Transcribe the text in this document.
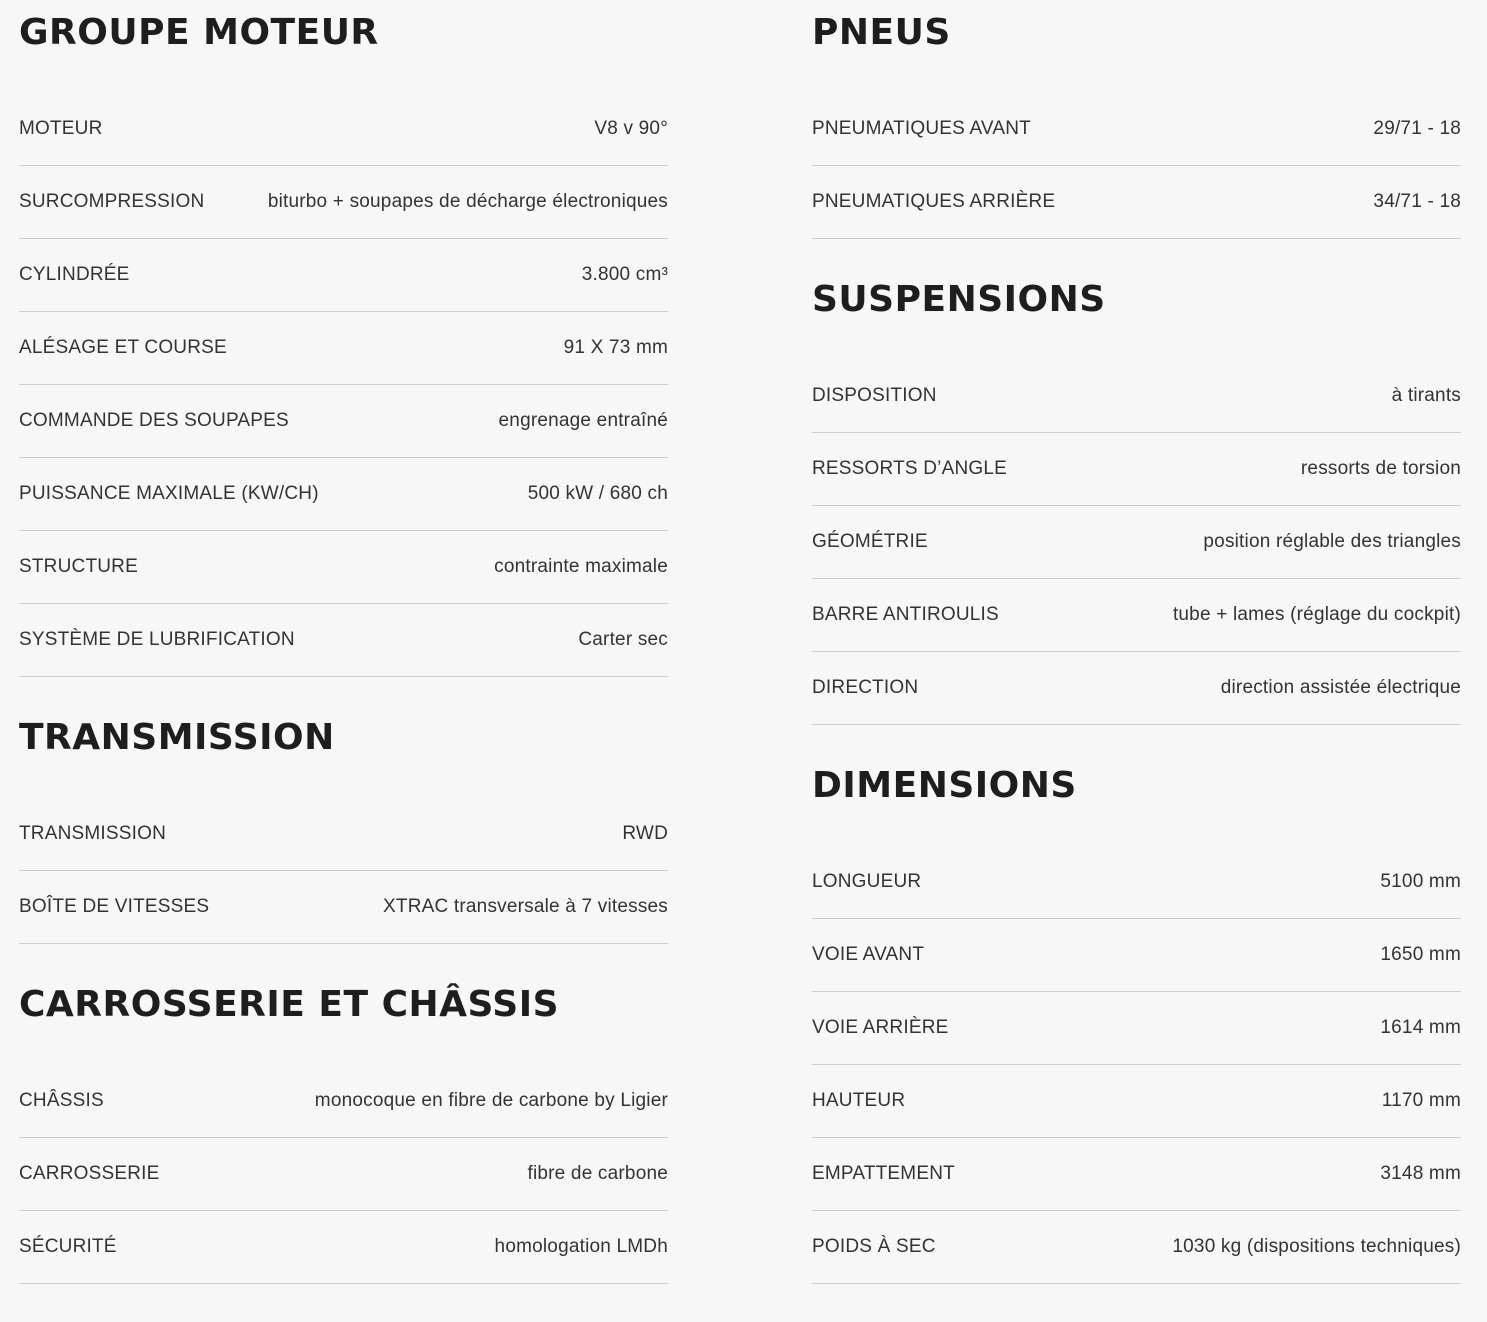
GROUPE MOTEUR
MOTEUR	V8 v 90°
SURCOMPRESSION	biturbo + soupapes de décharge électroniques
CYLINDRÉE	3.800 cm³
ALÉSAGE ET COURSE	91 X 73 mm
COMMANDE DES SOUPAPES	engrenage entraîné
PUISSANCE MAXIMALE (KW/CH)	500 kW / 680 ch
STRUCTURE	contrainte maximale
SYSTÈME DE LUBRIFICATION	Carter sec
TRANSMISSION
TRANSMISSION	RWD
BOÎTE DE VITESSES	XTRAC transversale à 7 vitesses
CARROSSERIE ET CHÂSSIS
CHÂSSIS	monocoque en fibre de carbone by Ligier
CARROSSERIE	fibre de carbone
SÉCURITÉ	homologation LMDh
PNEUS
PNEUMATIQUES AVANT	29/71 - 18
PNEUMATIQUES ARRIÈRE	34/71 - 18
SUSPENSIONS
DISPOSITION	à tirants
RESSORTS D’ANGLE	ressorts de torsion
GÉOMÉTRIE	position réglable des triangles
BARRE ANTIROULIS	tube + lames (réglage du cockpit)
DIRECTION	direction assistée électrique
DIMENSIONS
LONGUEUR	5100 mm
VOIE AVANT	1650 mm
VOIE ARRIÈRE	1614 mm
HAUTEUR	1170 mm
EMPATTEMENT	3148 mm
POIDS À SEC	1030 kg (dispositions techniques)
